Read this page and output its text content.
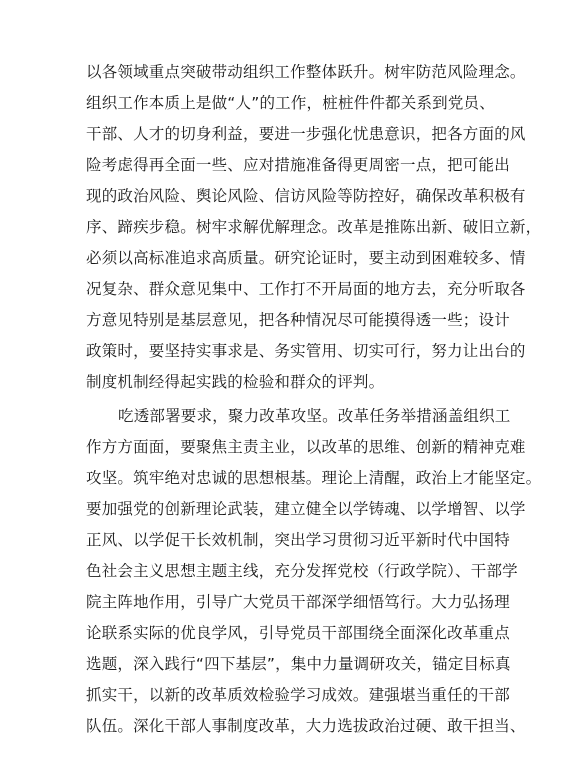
以各领域重点突破带动组织工作整体跃升。树牢防范风险理念。
组织工作本质上是做“人”的工作，桩桩件件都关系到党员、
干部、人才的切身利益，要进一步强化忧患意识，把各方面的风
险考虑得再全面一些、应对措施准备得更周密一点，把可能出
现的政治风险、舆论风险、信访风险等防控好，确保改革积极有
序、蹄疾步稳。树牢求解优解理念。改革是推陈出新、破旧立新，
必须以高标准追求高质量。研究论证时，要主动到困难较多、情
况复杂、群众意见集中、工作打不开局面的地方去，充分听取各
方意见特别是基层意见，把各种情况尽可能摸得透一些；设计
政策时，要坚持实事求是、务实管用、切实可行，努力让出台的
制度机制经得起实践的检验和群众的评判。
吃透部署要求，聚力改革攻坚。改革任务举措涵盖组织工
作方方面面，要聚焦主责主业，以改革的思维、创新的精神克难
攻坚。筑牢绝对忠诚的思想根基。理论上清醒，政治上才能坚定。
要加强党的创新理论武装，建立健全以学铸魂、以学增智、以学
正风、以学促干长效机制，突出学习贯彻习近平新时代中国特
色社会主义思想主题主线，充分发挥党校（行政学院）、干部学
院主阵地作用，引导广大党员干部深学细悟笃行。大力弘扬理
论联系实际的优良学风，引导党员干部围绕全面深化改革重点
选题，深入践行“四下基层”，集中力量调研攻关，锚定目标真
抓实干，以新的改革质效检验学习成效。建强堪当重任的干部
队伍。深化干部人事制度改革，大力选拔政治过硬、敢干担当、
